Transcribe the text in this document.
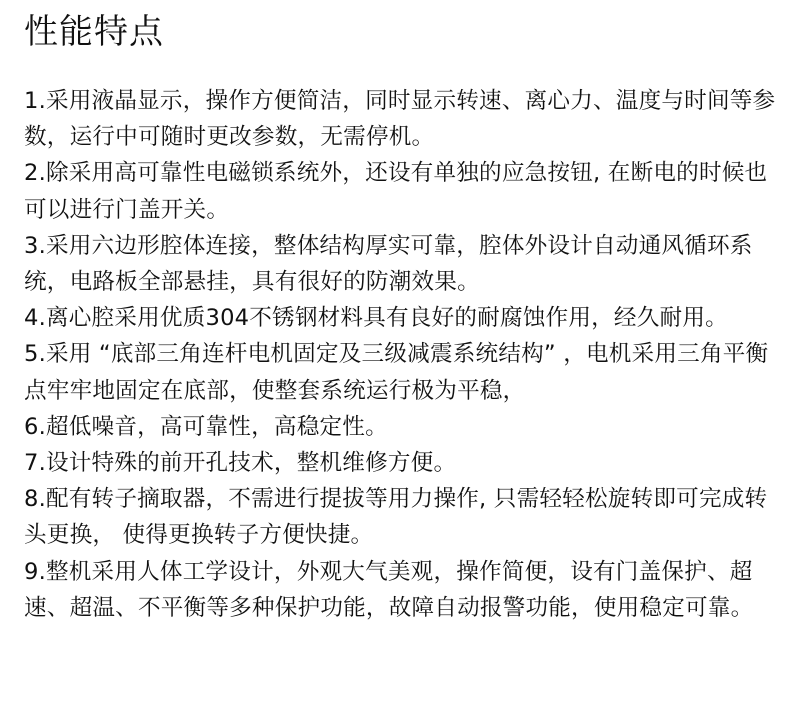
性能特点
1.采用液晶显示，操作方便简洁，同时显示转速、离心力、温度与时间等参数，运行中可随时更改参数，无需停机。
2.除采用高可靠性电磁锁系统外，还设有单独的应急按钮, 在断电的时候也可以进行门盖开关。
3.采用六边形腔体连接，整体结构厚实可靠，腔体外设计自动通风循环系统，电路板全部悬挂，具有很好的防潮效果。
4.离心腔采用优质304不锈钢材料具有良好的耐腐蚀作用，经久耐用。
5.采用 “底部三角连杆电机固定及三级减震系统结构” ，电机采用三角平衡点牢牢地固定在底部，使整套系统运行极为平稳，
6.超低噪音，高可靠性，高稳定性。
7.设计特殊的前开孔技术，整机维修方便。
8.配有转子摘取器，不需进行提拔等用力操作, 只需轻轻松旋转即可完成转头更换， 使得更换转子方便快捷。
9.整机采用人体工学设计，外观大气美观，操作简便，设有门盖保护、超速、超温、不平衡等多种保护功能，故障自动报警功能，使用稳定可靠。
